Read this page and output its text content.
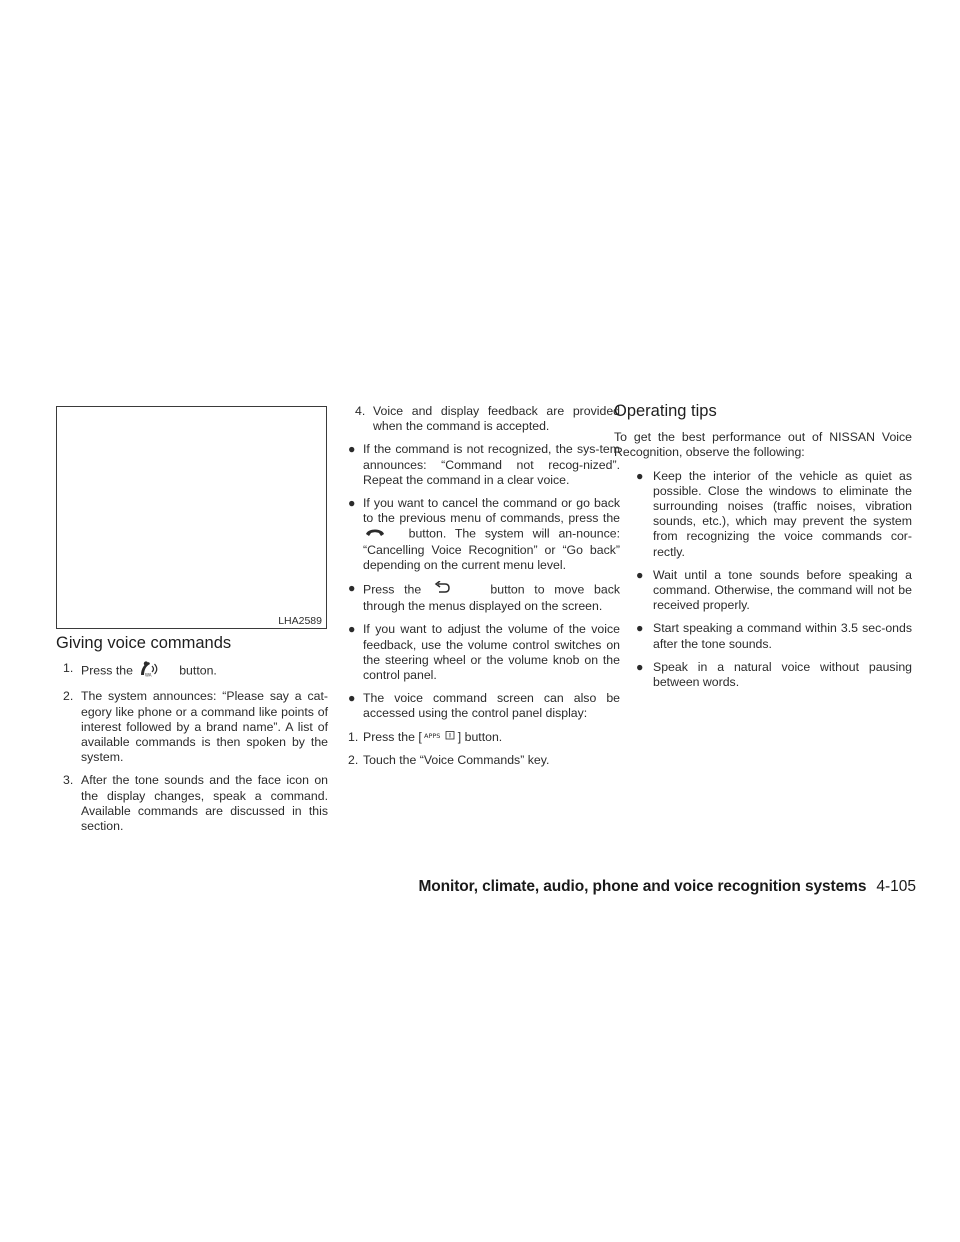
LHA2589
Giving voice commands
1. Press the	WA button.
2. The system announces: “Please say a cat-egory like phone or a command like points of interest followed by a brand name”. A list of available commands is then spoken by the system.
3. After the tone sounds and the face icon on the display changes, speak a command. Available commands are discussed in this section.
4. Voice and display feedback are provided when the command is accepted.
● If the command is not recognized, the sys-tem announces: “Command not recog-nized”. Repeat the command in a clear voice.
● If you want to cancel the command or go back to the previous menu of commands, press the   button. The system will an-nounce: “Cancelling Voice Recognition” or “Go back” depending on the current menu level.
● Press the	button to move back through the menus displayed on the screen.
● If you want to adjust the volume of the voice feedback, use the volume control switches on the steering wheel or the volume knob on the control panel.
● The voice command screen can also be accessed using the control panel display:
1. Press the [ APPS ] button.
2. Touch the “Voice Commands” key.
Operating tips

To get the best performance out of NISSAN Voice Recognition, observe the following:

● Keep the interior of the vehicle as quiet as possible. Close the windows to eliminate the surrounding noises (traffic noises, vibration sounds, etc.), which may prevent the system from recognizing the voice commands cor-rectly.
● Wait until a tone sounds before speaking a command. Otherwise, the command will not be received properly.
● Start speaking a command within 3.5 sec-onds after the tone sounds.
● Speak in a natural voice without pausing between words.
Monitor, climate, audio, phone and voice recognition systems 4-105
